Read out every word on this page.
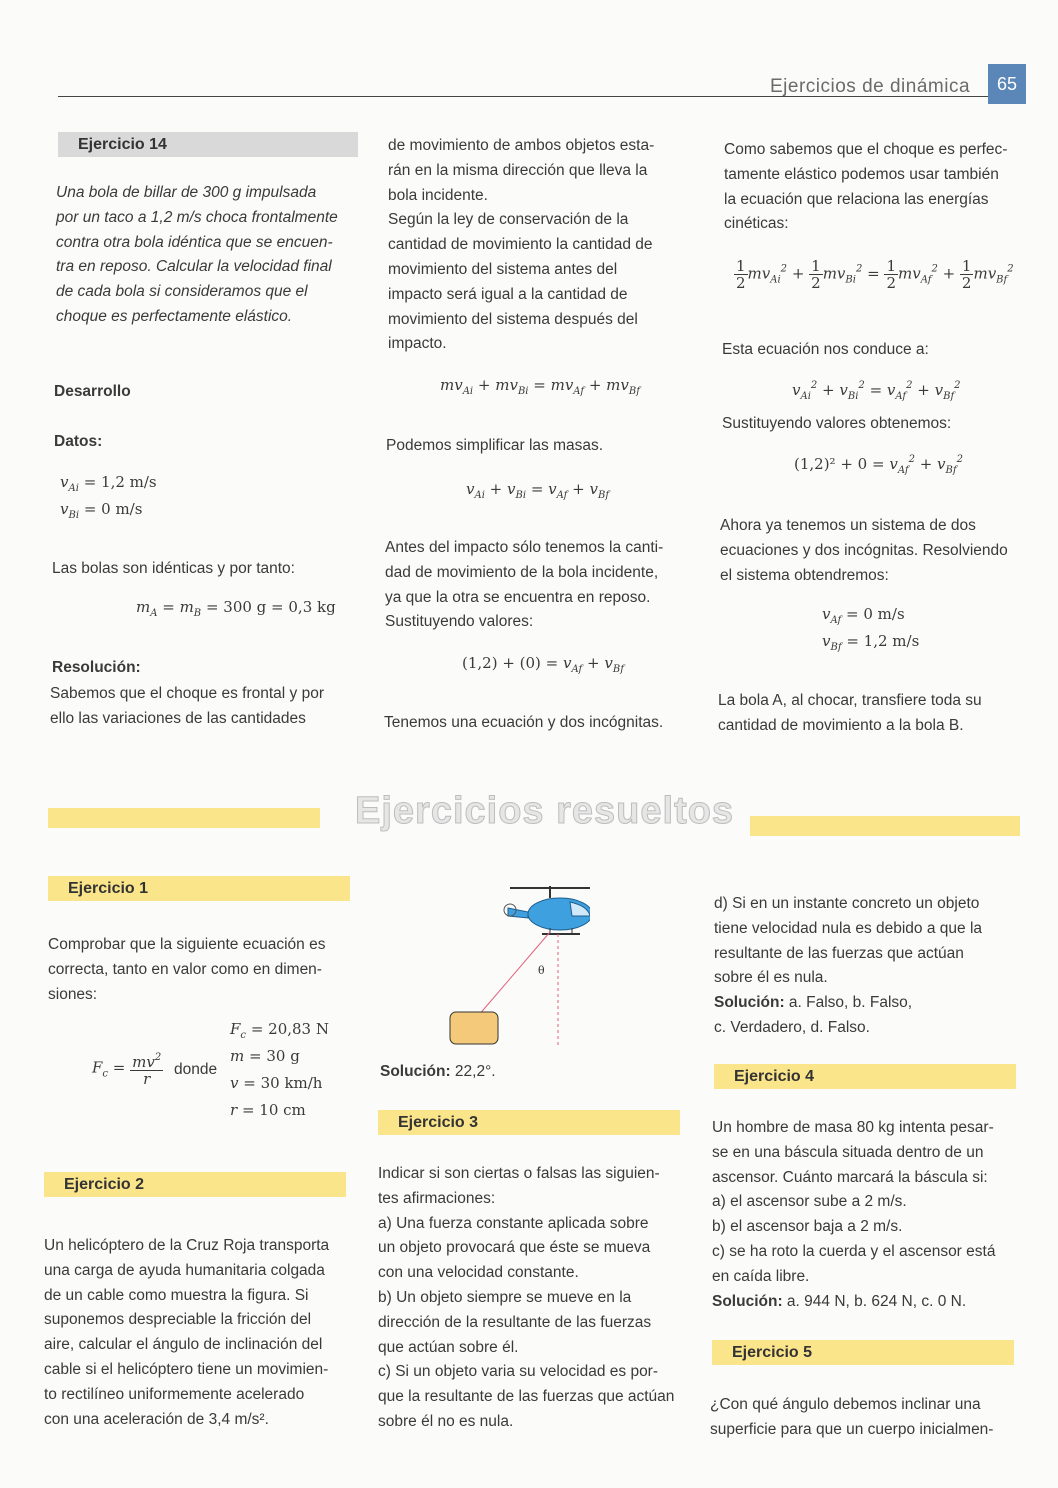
Ejercicios de dinámica	65
Ejercicio 14
Una bola de billar de 300 g impulsada
por un taco a 1,2 m/s choca frontalmente
contra otra bola idéntica que se encuen-
tra en reposo. Calcular la velocidad final
de cada bola si consideramos que el
choque es perfectamente elástico.
Desarrollo
Datos:
$v_{Ai} = 1,2$ m/s
$v_{Bi} = 0$ m/s
Las bolas son idénticas y por tanto:
$m_A = m_B = 300$ g = 0,3 kg
Resolución:
Sabemos que el choque es frontal y por
ello las variaciones de las cantidades
de movimiento de ambos objetos esta-
rán en la misma dirección que lleva la
bola incidente.
Según la ley de conservación de la
cantidad de movimiento la cantidad de
movimiento del sistema antes del
impacto será igual a la cantidad de
movimiento del sistema después del
impacto.
$mv_{Ai} + mv_{Bi} = mv_{Af} + mv_{Bf}$
Podemos simplificar las masas.
$v_{Ai} + v_{Bi} = v_{Af} + v_{Bf}$
Antes del impacto sólo tenemos la canti-
dad de movimiento de la bola incidente,
ya que la otra se encuentra en reposo.
Sustituyendo valores:
$(1,2) + (0) = v_{Af} + v_{Bf}$
Tenemos una ecuación y dos incógnitas.
Como sabemos que el choque es perfec-
tamente elástico podemos usar también
la ecuación que relaciona las energías
cinéticas:
$\frac{1}{2} mv_{Ai}^2 + \frac{1}{2} mv_{Bi}^2 = \frac{1}{2} mv_{Af}^2 + \frac{1}{2} mv_{Bf}^2$
Esta ecuación nos conduce a:
$v_{Ai}^2 + v_{Bi}^2 = v_{Af}^2 + v_{Bf}^2$
Sustituyendo valores obtenemos:
$(1,2)^2 + 0 = v_{Af}^2 + v_{Bf}^2$
Ahora ya tenemos un sistema de dos
ecuaciones y dos incógnitas. Resolviendo
el sistema obtendremos:
$v_{Af} = 0$ m/s
$v_{Bf} = 1,2$ m/s
La bola A, al chocar, transfiere toda su
cantidad de movimiento a la bola B.
Ejercicios resueltos
Ejercicio 1
Comprobar que la siguiente ecuación es
correcta, tanto en valor como en dimen-
siones:
$F_c = \frac{mv^2}{r}$ donde
$F_c = 20,83$ N
m = 30 g
v = 30 km/h
r = 10 cm
Ejercicio 2
Un helicóptero de la Cruz Roja transporta
una carga de ayuda humanitaria colgada
de un cable como muestra la figura. Si
suponemos despreciable la fricción del
aire, calcular el ángulo de inclinación del
cable si el helicóptero tiene un movimien-
to rectilíneo uniformemente acelerado
con una aceleración de 3,4 m/s².
θ
Solución: 22,2°.
Ejercicio 3
Indicar si son ciertas o falsas las siguien-
tes afirmaciones:
a) Una fuerza constante aplicada sobre
un objeto provocará que éste se mueva
con una velocidad constante.
b) Un objeto siempre se mueve en la
dirección de la resultante de las fuerzas
que actúan sobre él.
c) Si un objeto varia su velocidad es por-
que la resultante de las fuerzas que actúan
sobre él no es nula.
d) Si en un instante concreto un objeto
tiene velocidad nula es debido a que la
resultante de las fuerzas que actúan
sobre él es nula.
Solución: a. Falso, b. Falso,
c. Verdadero, d. Falso.
Ejercicio 4
Un hombre de masa 80 kg intenta pesar-
se en una báscula situada dentro de un
ascensor. Cuánto marcará la báscula si:
a) el ascensor sube a 2 m/s.
b) el ascensor baja a 2 m/s.
c) se ha roto la cuerda y el ascensor está
en caída libre.
Solución: a. 944 N, b. 624 N, c. 0 N.
Ejercicio 5
¿Con qué ángulo debemos inclinar una
superficie para que un cuerpo inicialmen-
